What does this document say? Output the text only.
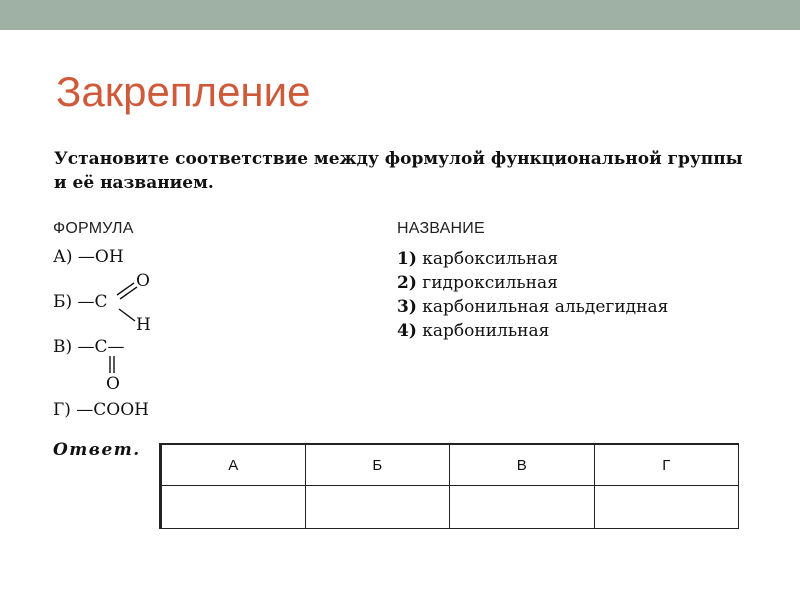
Закрепление
Установите соответствие между формулой функциональной группы и её названием.
ФОРМУЛА	НАЗВАНИЕ
А) —OH
Б) —C
O
H
В) —C—
O
Г) —COOH
1) карбоксильная
2) гидроксильная
3) карбонильная альдегидная
4) карбонильная
Ответ.
А	Б	В	Г
